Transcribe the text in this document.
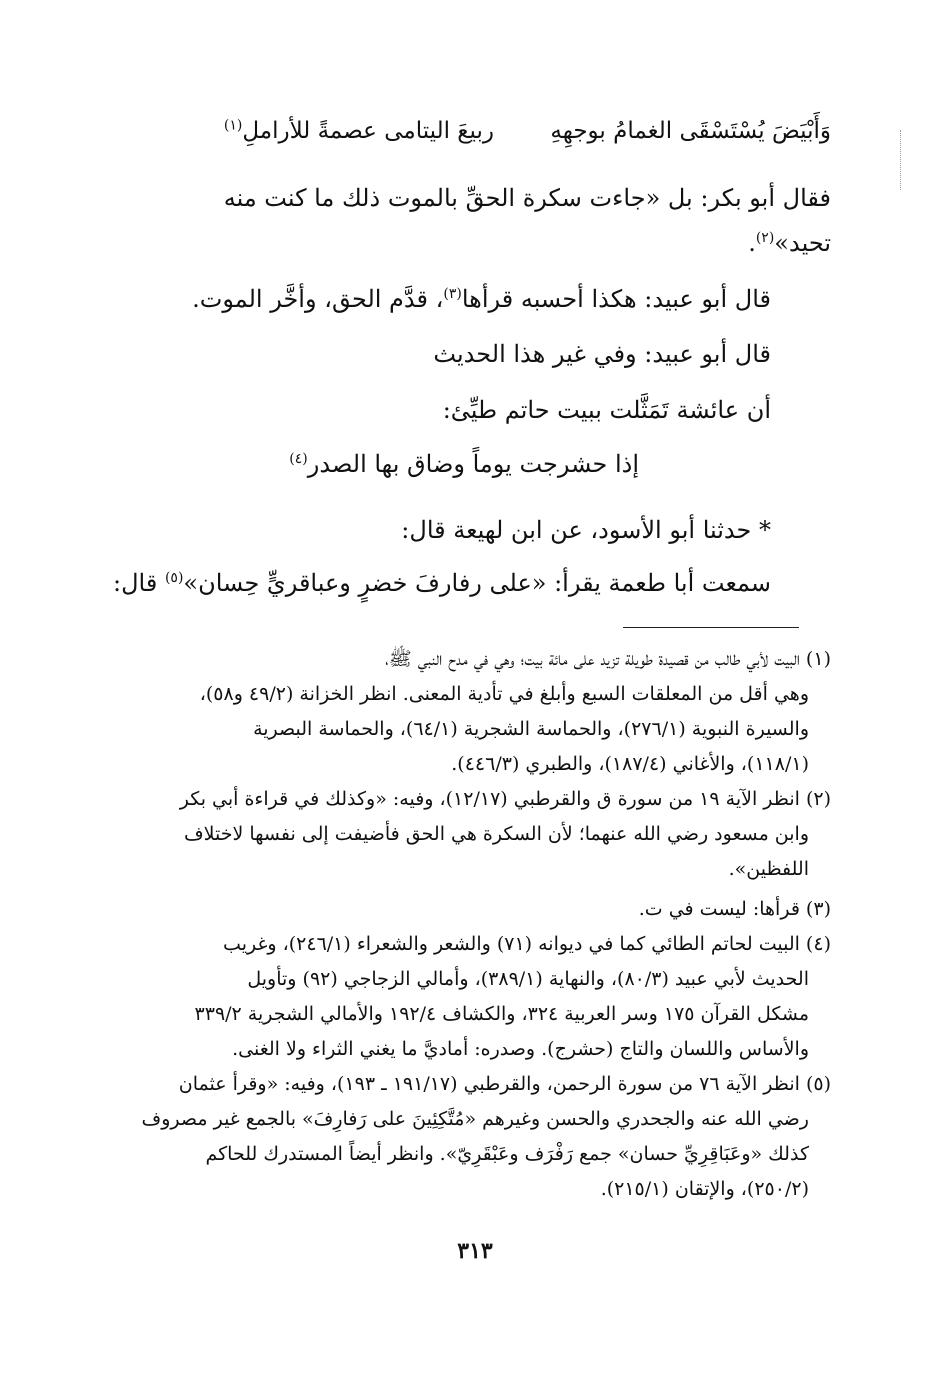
وَأَبْيَضَ يُسْتَسْقَى الغمامُ بوجهِهِ
ربيعَ اليتامى عصمةً للأراملِ$^{(١)}$
فقال أبو بكر: بل «جاءت سكرة الحقِّ بالموت ذلك ما كنت منه
تحيد»$^{(٢)}$.
قال أبو عبيد: هكذا أحسبه قرأها$^{(٣)}$، قدَّم الحق، وأخَّر الموت.
قال أبو عبيد: وفي غير هذا الحديث
أن عائشة تَمَثَّلت ببيت حاتم طيِّئ:
إذا حشرجت يوماً وضاق بها الصدر$^{(٤)}$
* حدثنا أبو الأسود، عن ابن لهيعة قال:
سمعت أبا طعمة يقرأ: «على رفارفَ خضرٍ وعباقريٍّ حِسان»$^{(٥)}$ قال:
(١) البيت لأبي طالب من قصيدة طويلة تزيد على مائة بيت؛ وهي في مدح النبي ﷺ،
وهي أقل من المعلقات السبع وأبلغ في تأدية المعنى. انظر الخزانة (٤٩/٢ و٥٨)،
والسيرة النبوية (٢٧٦/١)، والحماسة الشجرية (٦٤/١)، والحماسة البصرية
(١١٨/١)، والأغاني (١٨٧/٤)، والطبري (٤٤٦/٣).
(٢) انظر الآية ١٩ من سورة ق والقرطبي (١٢/١٧)، وفيه: «وكذلك في قراءة أبي بكر
وابن مسعود رضي الله عنهما؛ لأن السكرة هي الحق فأضيفت إلى نفسها لاختلاف
اللفظين».
(٣) قرأها: ليست في ت.
(٤) البيت لحاتم الطائي كما في ديوانه (٧١) والشعر والشعراء (٢٤٦/١)، وغريب
الحديث لأبي عبيد (٨٠/٣)، والنهاية (٣٨٩/١)، وأمالي الزجاجي (٩٢) وتأويل
مشكل القرآن ١٧٥ وسر العربية ٣٢٤، والكشاف ١٩٢/٤ والأمالي الشجرية ٣٣٩/٢
والأساس واللسان والتاج (حشرج). وصدره: أماديَّ ما يغني الثراء ولا الغنى.
(٥) انظر الآية ٧٦ من سورة الرحمن، والقرطبي (١٩١/١٧ ـ ١٩٣)، وفيه: «وقرأ عثمان
رضي الله عنه والجحدري والحسن وغيرهم «مُتَّكِئِينَ على رَفارِفَ» بالجمع غير مصروف
كذلك «وعَبَاقِرِيِّ حسان» جمع رَفْرَف وعَبْقَرِيّ». وانظر أيضاً المستدرك للحاكم
(٢٥٠/٢)، والإتقان (٢١٥/١).
٣١٣
